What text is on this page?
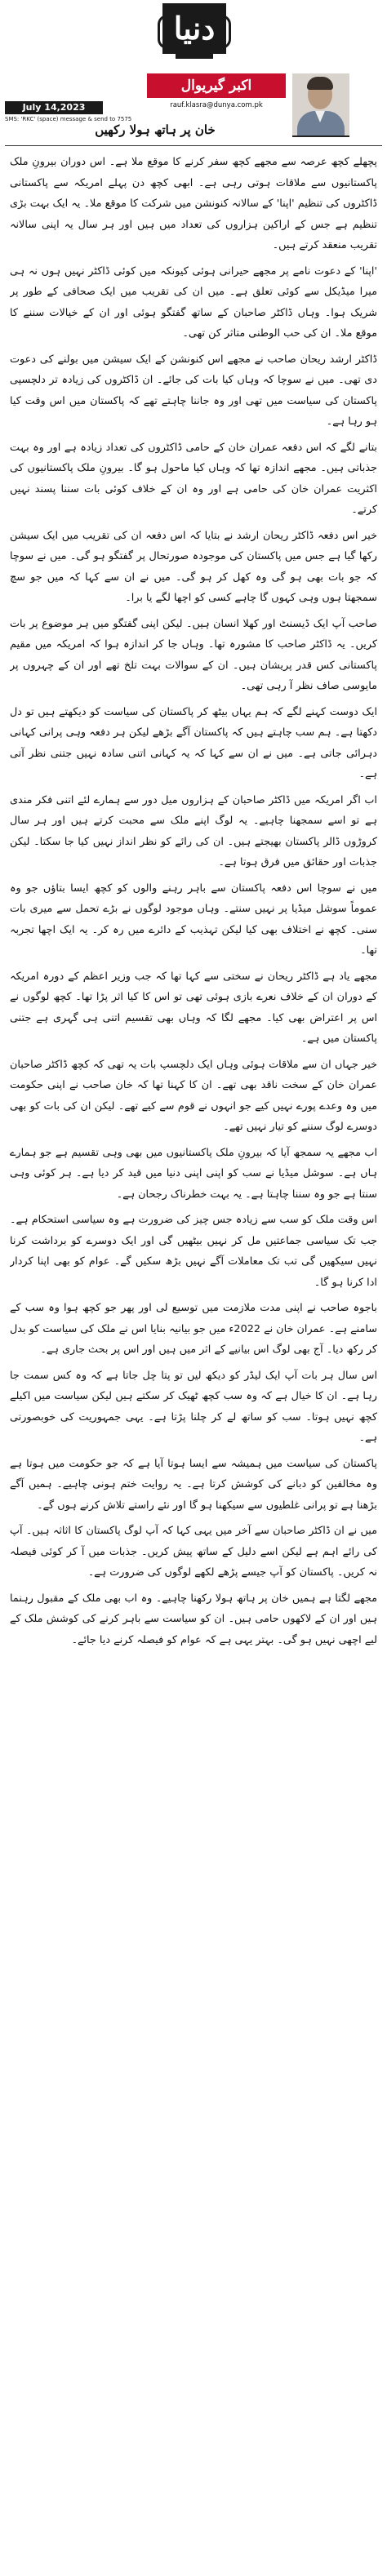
دنیا
اکبر گیریوال
rauf.klasra@dunya.com.pk
July 14,2023
SMS: 'RKC' (space) message & send to 7575
خان پر ہاتھ ہولا رکھیں

پچھلے کچھ عرصہ سے مجھے کچھ سفر کرنے کا موقع ملا ہے۔ اس دوران بیرونِ ملک پاکستانیوں سے ملاقات ہوتی رہی ہے۔ ابھی کچھ دن پہلے امریکہ سے پاکستانی ڈاکٹروں کی تنظیم 'اپنا' کے سالانہ کنونشن میں شرکت کا موقع ملا۔ یہ ایک بہت بڑی تنظیم ہے جس کے اراکین ہزاروں کی تعداد میں ہیں اور ہر سال یہ اپنی سالانہ تقریب منعقد کرتے ہیں۔

'اپنا' کے دعوت نامے پر مجھے حیرانی ہوئی کیونکہ میں کوئی ڈاکٹر نہیں ہوں نہ ہی میرا میڈیکل سے کوئی تعلق ہے۔ میں ان کی تقریب میں ایک صحافی کے طور پر شریک ہوا۔ وہاں ڈاکٹر صاحبان کے ساتھ گفتگو ہوئی اور ان کے خیالات سننے کا موقع ملا۔ ان کی حب الوطنی متاثر کن تھی۔

ڈاکٹر ارشد ریحان صاحب نے مجھے اس کنونشن کے ایک سیشن میں بولنے کی دعوت دی تھی۔ میں نے سوچا کہ وہاں کیا بات کی جائے۔ ان ڈاکٹروں کی زیادہ تر دلچسپی پاکستان کی سیاست میں تھی اور وہ جاننا چاہتے تھے کہ پاکستان میں اس وقت کیا ہو رہا ہے۔

بتانے لگے کہ اس دفعہ عمران خان کے حامی ڈاکٹروں کی تعداد زیادہ ہے اور وہ بہت جذباتی ہیں۔ مجھے اندازہ تھا کہ وہاں کیا ماحول ہو گا۔ بیرونِ ملک پاکستانیوں کی اکثریت عمران خان کی حامی ہے اور وہ ان کے خلاف کوئی بات سننا پسند نہیں کرتے۔

خیر اس دفعہ ڈاکٹر ریحان ارشد نے بتایا کہ اس دفعہ ان کی تقریب میں ایک سیشن رکھا گیا ہے جس میں پاکستان کی موجودہ صورتحال پر گفتگو ہو گی۔ میں نے سوچا کہ جو بات بھی ہو گی وہ کھل کر ہو گی۔ میں نے ان سے کہا کہ میں جو سچ سمجھتا ہوں وہی کہوں گا چاہے کسی کو اچھا لگے یا برا۔

صاحب آپ ایک ڈیسنٹ اور کھلا انسان ہیں۔ لیکن اپنی گفتگو میں ہر موضوع پر بات کریں۔ یہ ڈاکٹر صاحب کا مشورہ تھا۔ وہاں جا کر اندازہ ہوا کہ امریکہ میں مقیم پاکستانی کس قدر پریشان ہیں۔ ان کے سوالات بہت تلخ تھے اور ان کے چہروں پر مایوسی صاف نظر آ رہی تھی۔

ایک دوست کہنے لگے کہ ہم یہاں بیٹھ کر پاکستان کی سیاست کو دیکھتے ہیں تو دل دکھتا ہے۔ ہم سب چاہتے ہیں کہ پاکستان آگے بڑھے لیکن ہر دفعہ وہی پرانی کہانی دہرائی جاتی ہے۔ میں نے ان سے کہا کہ یہ کہانی اتنی سادہ نہیں جتنی نظر آتی ہے۔

اب اگر امریکہ میں ڈاکٹر صاحبان کے ہزاروں میل دور سے ہمارے لئے اتنی فکر مندی ہے تو اسے سمجھنا چاہیے۔ یہ لوگ اپنے ملک سے محبت کرتے ہیں اور ہر سال کروڑوں ڈالر پاکستان بھیجتے ہیں۔ ان کی رائے کو نظر انداز نہیں کیا جا سکتا۔ لیکن جذبات اور حقائق میں فرق ہوتا ہے۔

میں نے سوچا اس دفعہ پاکستان سے باہر رہنے والوں کو کچھ ایسا بتاؤں جو وہ عموماً سوشل میڈیا پر نہیں سنتے۔ وہاں موجود لوگوں نے بڑے تحمل سے میری بات سنی۔ کچھ نے اختلاف بھی کیا لیکن تہذیب کے دائرے میں رہ کر۔ یہ ایک اچھا تجربہ تھا۔

مجھے یاد ہے ڈاکٹر ریحان نے سختی سے کہا تھا کہ جب وزیر اعظم کے دورہ امریکہ کے دوران ان کے خلاف نعرے بازی ہوئی تھی تو اس کا کیا اثر پڑا تھا۔ کچھ لوگوں نے اس پر اعتراض بھی کیا۔ مجھے لگا کہ وہاں بھی تقسیم اتنی ہی گہری ہے جتنی پاکستان میں ہے۔

خیر جہاں ان سے ملاقات ہوئی وہاں ایک دلچسپ بات یہ تھی کہ کچھ ڈاکٹر صاحبان عمران خان کے سخت ناقد بھی تھے۔ ان کا کہنا تھا کہ خان صاحب نے اپنی حکومت میں وہ وعدے پورے نہیں کیے جو انہوں نے قوم سے کیے تھے۔ لیکن ان کی بات کو بھی دوسرے لوگ سننے کو تیار نہیں تھے۔

اب مجھے یہ سمجھ آیا کہ بیرونِ ملک پاکستانیوں میں بھی وہی تقسیم ہے جو ہمارے ہاں ہے۔ سوشل میڈیا نے سب کو اپنی اپنی دنیا میں قید کر دیا ہے۔ ہر کوئی وہی سنتا ہے جو وہ سننا چاہتا ہے۔ یہ بہت خطرناک رجحان ہے۔

اس وقت ملک کو سب سے زیادہ جس چیز کی ضرورت ہے وہ سیاسی استحکام ہے۔ جب تک سیاسی جماعتیں مل کر نہیں بیٹھیں گی اور ایک دوسرے کو برداشت کرنا نہیں سیکھیں گی تب تک معاملات آگے نہیں بڑھ سکیں گے۔ عوام کو بھی اپنا کردار ادا کرنا ہو گا۔

باجوہ صاحب نے اپنی مدت ملازمت میں توسیع لی اور پھر جو کچھ ہوا وہ سب کے سامنے ہے۔ عمران خان نے 2022ء میں جو بیانیہ بنایا اس نے ملک کی سیاست کو بدل کر رکھ دیا۔ آج بھی لوگ اس بیانیے کے اثر میں ہیں اور اس پر بحث جاری ہے۔

اس سال ہر بات آپ ایک لیڈر کو دیکھ لیں تو پتا چل جاتا ہے کہ وہ کس سمت جا رہا ہے۔ ان کا خیال ہے کہ وہ سب کچھ ٹھیک کر سکتے ہیں لیکن سیاست میں اکیلے کچھ نہیں ہوتا۔ سب کو ساتھ لے کر چلنا پڑتا ہے۔ یہی جمہوریت کی خوبصورتی ہے۔

پاکستان کی سیاست میں ہمیشہ سے ایسا ہوتا آیا ہے کہ جو حکومت میں ہوتا ہے وہ مخالفین کو دبانے کی کوشش کرتا ہے۔ یہ روایت ختم ہونی چاہیے۔ ہمیں آگے بڑھنا ہے تو پرانی غلطیوں سے سیکھنا ہو گا اور نئے راستے تلاش کرنے ہوں گے۔

میں نے ان ڈاکٹر صاحبان سے آخر میں یہی کہا کہ آپ لوگ پاکستان کا اثاثہ ہیں۔ آپ کی رائے اہم ہے لیکن اسے دلیل کے ساتھ پیش کریں۔ جذبات میں آ کر کوئی فیصلہ نہ کریں۔ پاکستان کو آپ جیسے پڑھے لکھے لوگوں کی ضرورت ہے۔

مجھے لگتا ہے ہمیں خان پر ہاتھ ہولا رکھنا چاہیے۔ وہ اب بھی ملک کے مقبول رہنما ہیں اور ان کے لاکھوں حامی ہیں۔ ان کو سیاست سے باہر کرنے کی کوشش ملک کے لیے اچھی نہیں ہو گی۔ بہتر یہی ہے کہ عوام کو فیصلہ کرنے دیا جائے۔
